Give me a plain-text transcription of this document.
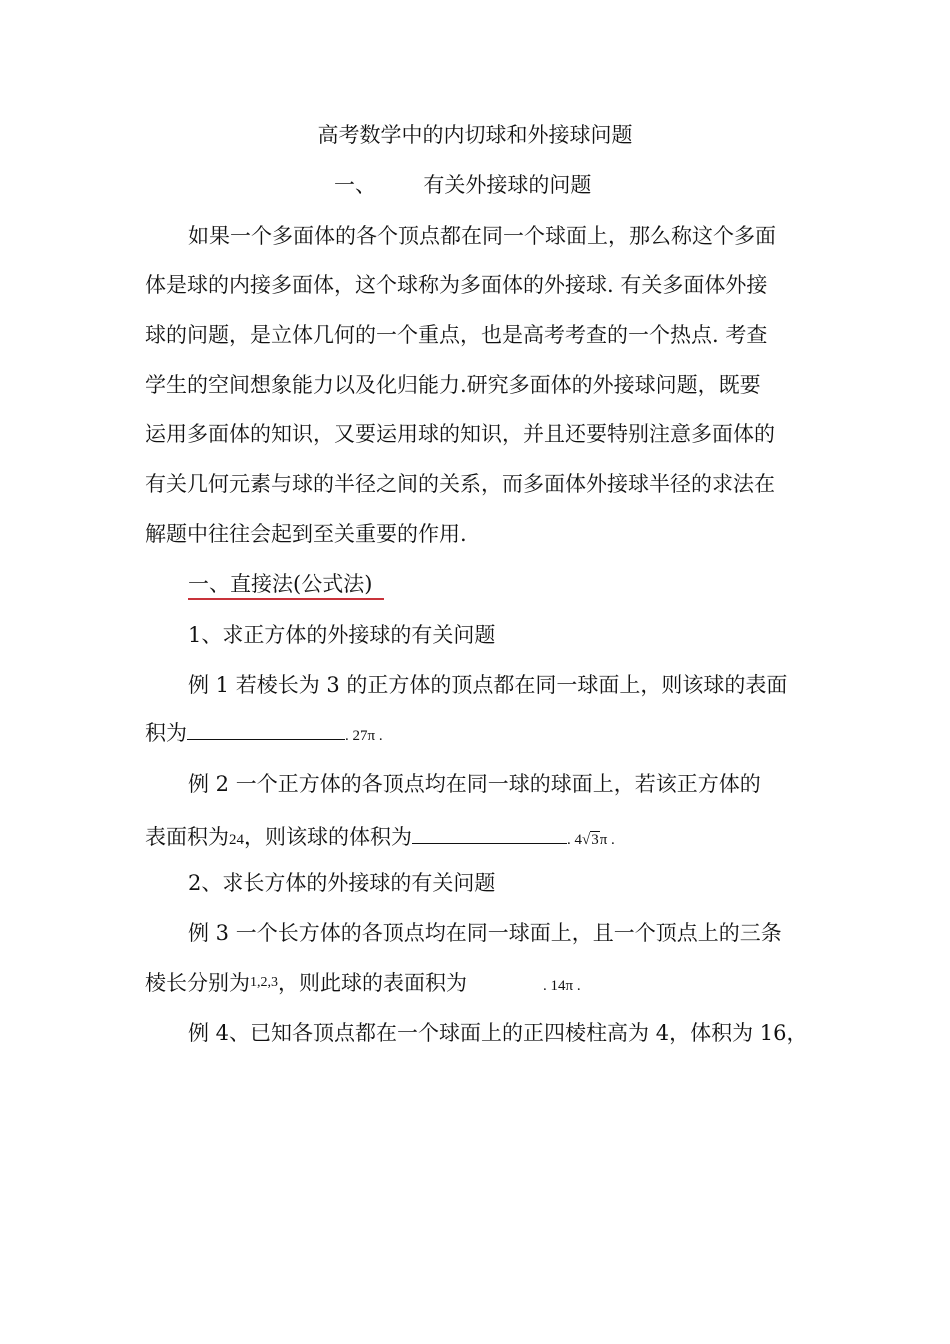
高考数学中的内切球和外接球问题
一、 有关外接球的问题
如果一个多面体的各个顶点都在同一个球面上，那么称这个多面
体是球的内接多面体，这个球称为多面体的外接球. 有关多面体外接
球的问题，是立体几何的一个重点，也是高考考查的一个热点. 考查
学生的空间想象能力以及化归能力.研究多面体的外接球问题，既要
运用多面体的知识，又要运用球的知识，并且还要特别注意多面体的
有关几何元素与球的半径之间的关系，而多面体外接球半径的求法在
解题中往往会起到至关重要的作用.
一、直接法(公式法)
1、求正方体的外接球的有关问题
例 1 若棱长为 3 的正方体的顶点都在同一球面上，则该球的表面
积为	. 27π .
例 2 一个正方体的各顶点均在同一球的球面上，若该正方体的
表面积为24，则该球的体积为	. 4√3π .
2、求长方体的外接球的有关问题
例 3 一个长方体的各顶点均在同一球面上，且一个顶点上的三条
棱长分别为1,2,3，则此球的表面积为	. 14π .
例 4、已知各顶点都在一个球面上的正四棱柱高为 4，体积为 16，
